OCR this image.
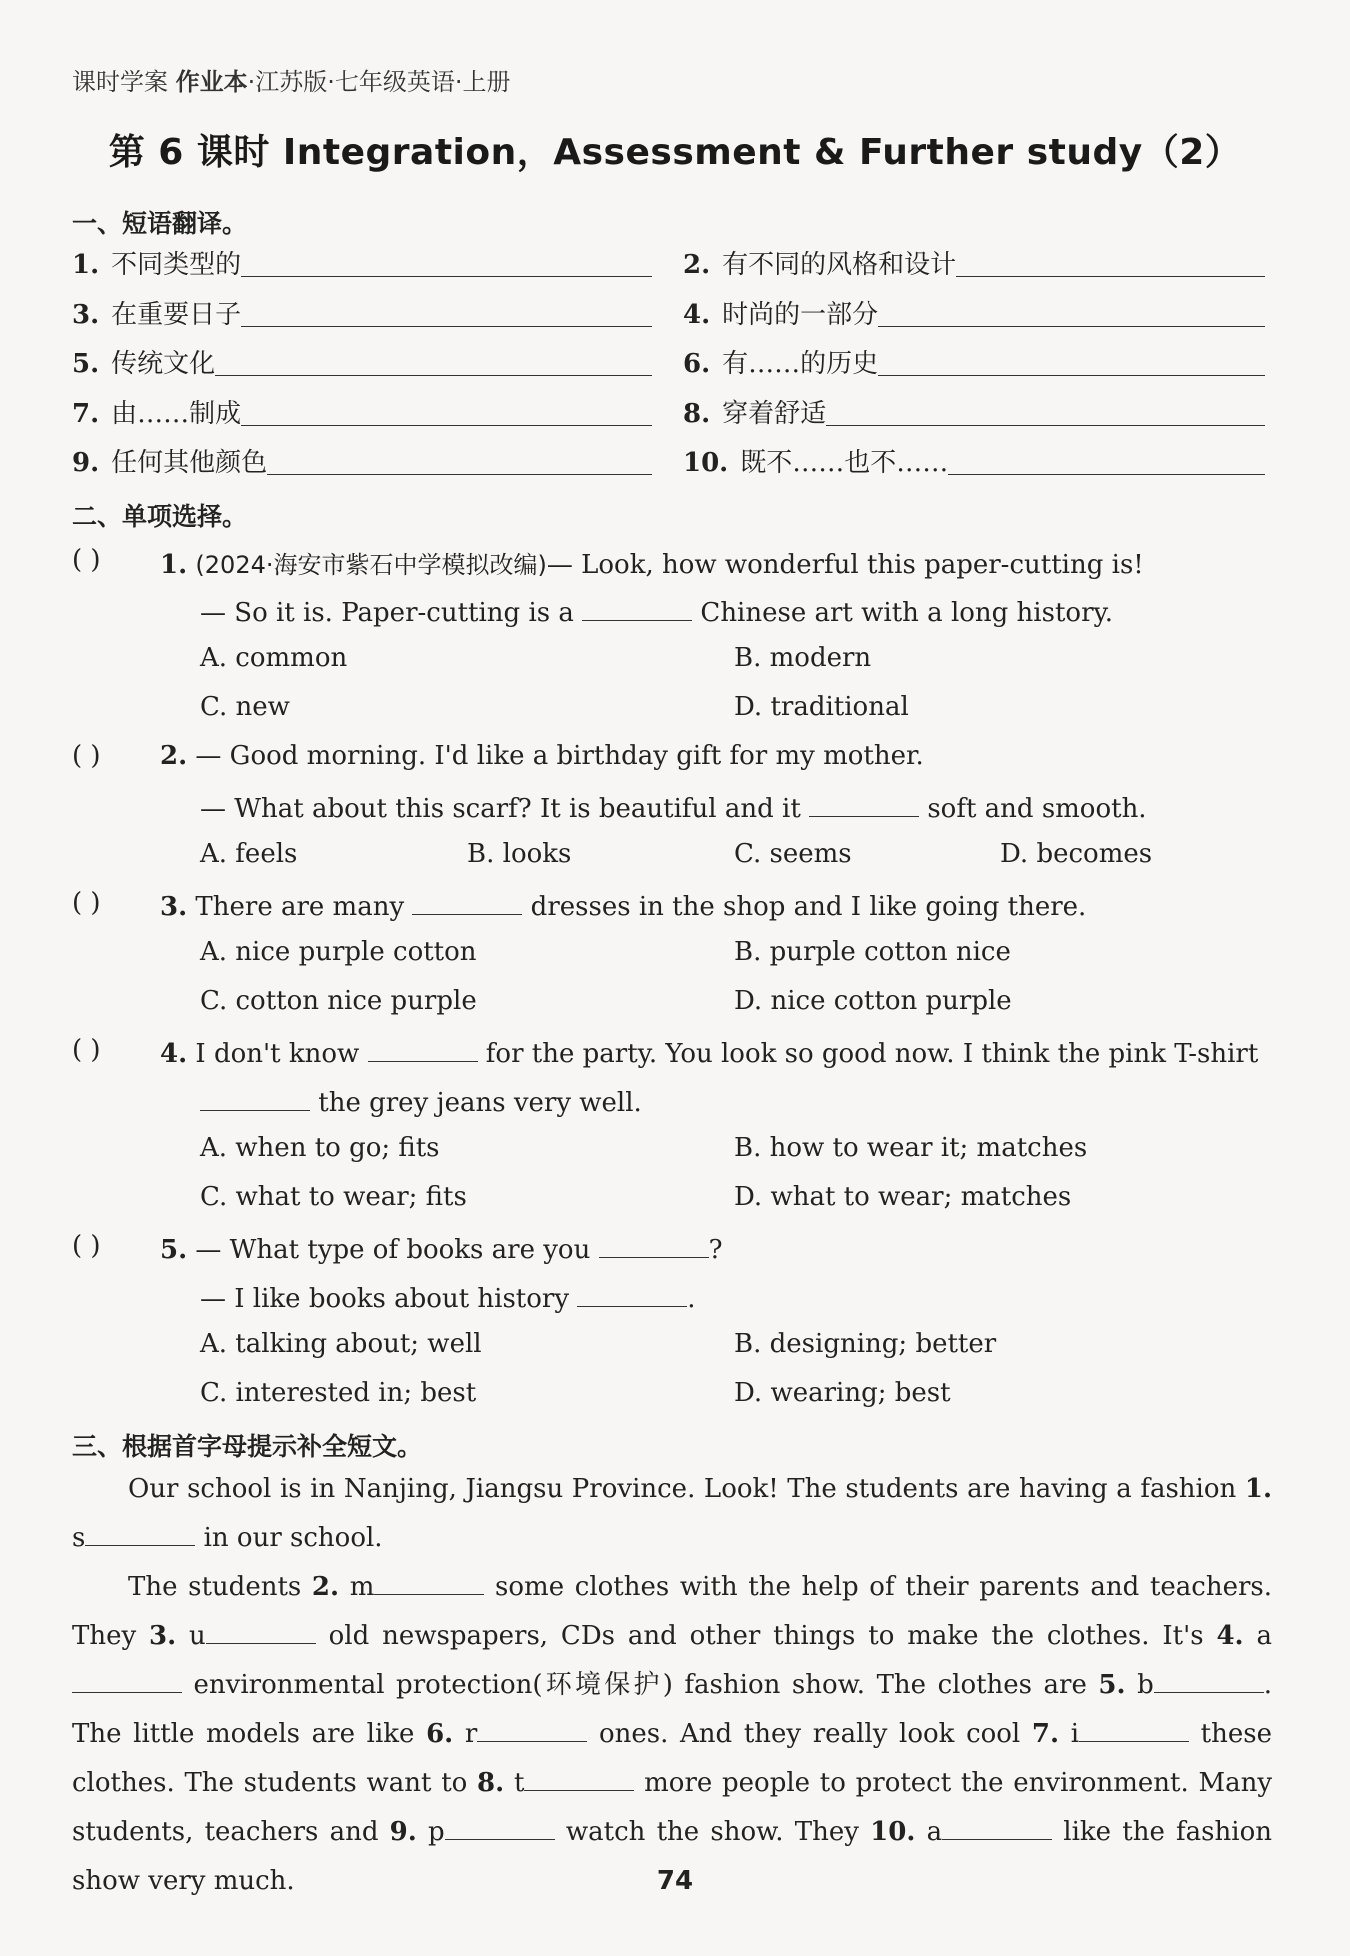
课时学案 作业本·江苏版·七年级英语·上册
第 6 课时 Integration，Assessment & Further study（2）
一、短语翻译。
1. 不同类型的	2. 有不同的风格和设计
3. 在重要日子	4. 时尚的一部分
5. 传统文化	6. 有……的历史
7. 由……制成	8. 穿着舒适
9. 任何其他颜色	10. 既不……也不……
二、单项选择。
( ) 1. (2024·海安市紫石中学模拟改编)— Look, how wonderful this paper-cutting is!
— So it is. Paper-cutting is a	Chinese art with a long history.
A. common	B. modern
C. new	D. traditional
( ) 2. — Good morning. I'd like a birthday gift for my mother.
— What about this scarf? It is beautiful and it	soft and smooth.
A. feels	B. looks	C. seems	D. becomes
( ) 3. There are many	dresses in the shop and I like going there.
A. nice purple cotton	B. purple cotton nice
C. cotton nice purple	D. nice cotton purple
( ) 4. I don't know	for the party. You look so good now. I think the pink T-shirt
the grey jeans very well.
A. when to go; fits	B. how to wear it; matches
C. what to wear; fits	D. what to wear; matches
( ) 5. — What type of books are you	?
— I like books about history	.
A. talking about; well	B. designing; better
C. interested in; best	D. wearing; best
三、根据首字母提示补全短文。

Our school is in Nanjing, Jiangsu Province. Look! The students are having a fashion 1. s	in our school.

The students 2. m	some clothes with the help of their parents and teachers. They 3. u	old newspapers, CDs and other things to make the clothes. It's 4. a environmental protection(环境保护) fashion show. The clothes are 5. b	. The little models are like 6. r	ones. And they really look cool 7. i	these clothes. The students want to 8. t	more people to protect the environment. Many students, teachers and 9. p	watch the show. They 10. a	like the fashion show very much.	74
